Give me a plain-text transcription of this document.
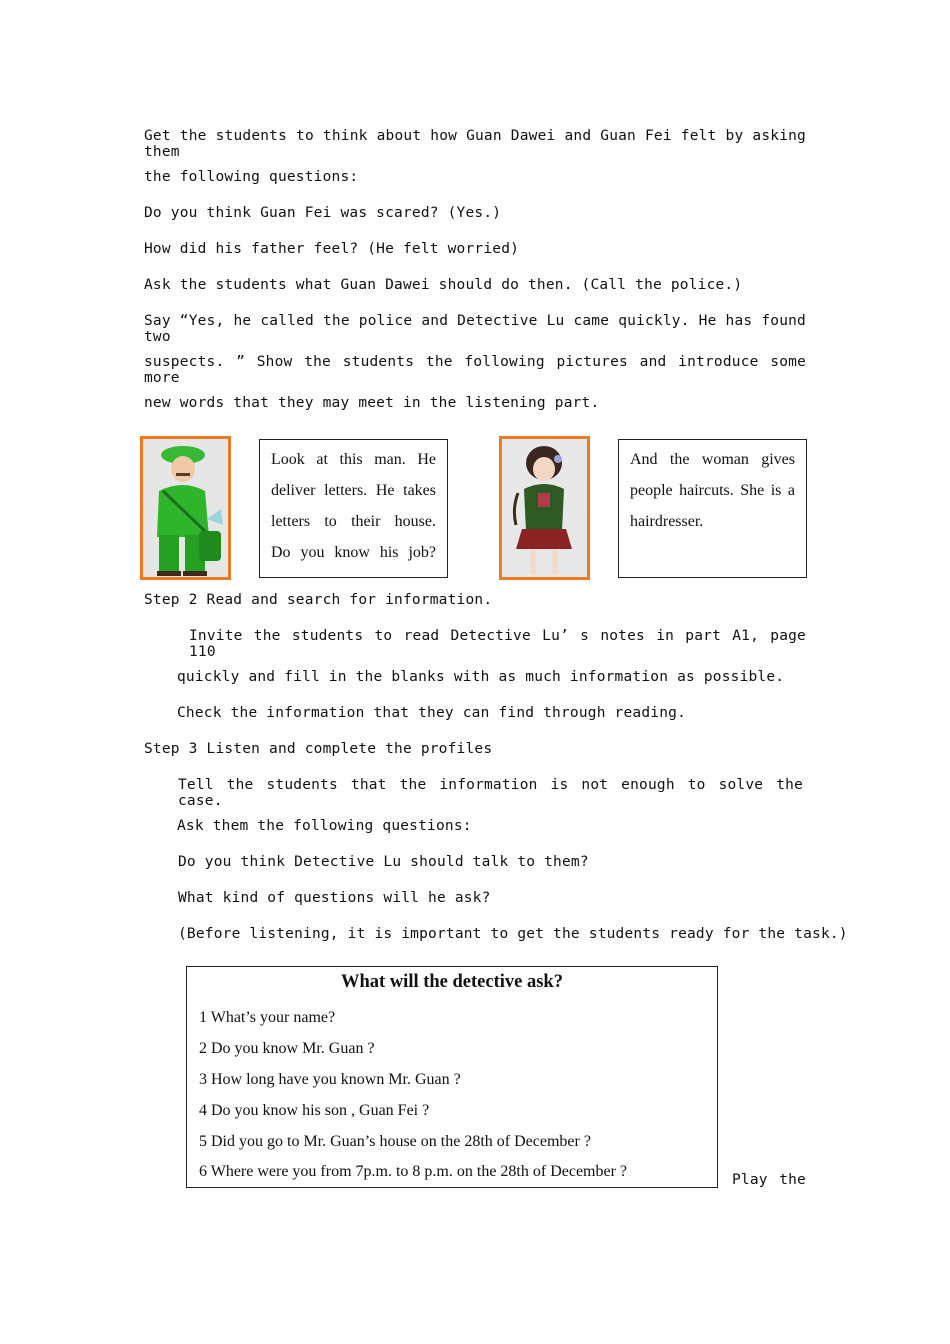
Get the students to think about how Guan Dawei and Guan Fei felt by asking them
the following questions:
Do you think Guan Fei was scared? (Yes.)
How did his father feel? (He felt worried)
Ask the students what Guan Dawei should do then. (Call the police.)
Say “Yes, he called the police and Detective Lu came quickly. He has found two
suspects. ” Show the students the following pictures and introduce some more
new words that they may meet in the listening part.
Look at this man. He
deliver letters. He takes
letters to their house.
Do you know his job?
And the woman gives
people haircuts. She is a
hairdresser.
Step 2 Read and search for information.
Invite the students to read Detective Lu’ s notes in part A1, page 110
quickly and fill in the blanks with as much information as possible.
Check the information that they can find through reading.
Step 3 Listen and complete the profiles
Tell the students that the information is not enough to solve the case.
Ask them the following questions:
Do you think Detective Lu should talk to them?
What kind of questions will he ask?
(Before listening, it is important to get the students ready for the task.)
What will the detective ask?
1 What’s your name?
2 Do you know Mr. Guan ?
3 How long have you known Mr. Guan ?
4 Do you know his son , Guan Fei ?
5 Did you go to Mr. Guan’s house on the 28th of December ?
6 Where were you from 7p.m. to 8 p.m. on the 28th of December ?	Play the
